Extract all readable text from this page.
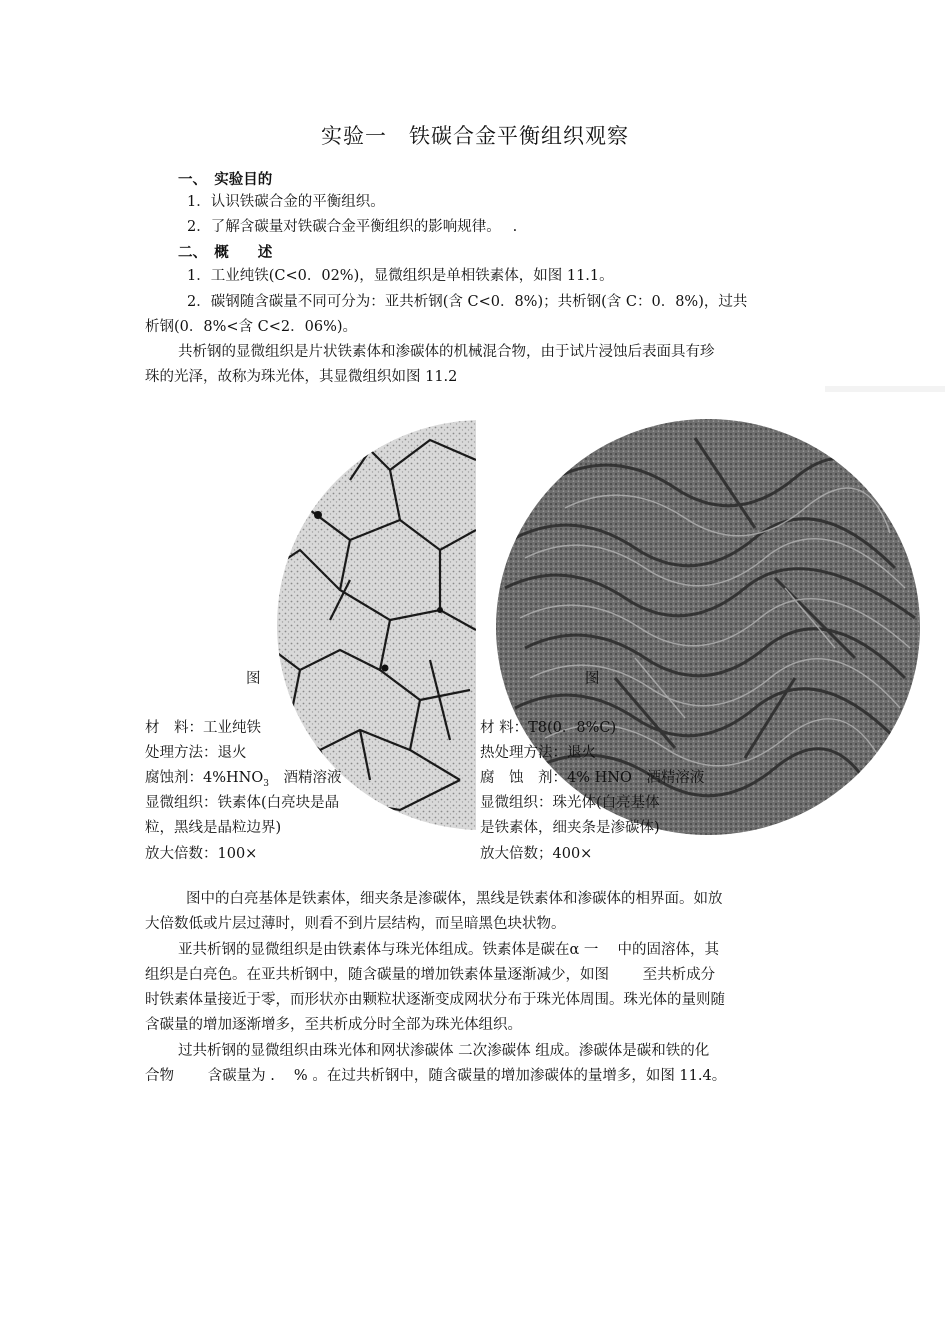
实验一　铁碳合金平衡组织观察
一、　实验目的
1．认识铁碳合金的平衡组织。
2．了解含碳量对铁碳合金平衡组织的影响规律。　 .
二、　概　　述
1．工业纯铁(C<0．02%)，显微组织是单相铁素体，如图 11.1。
2．碳钢随含碳量不同可分为：亚共析钢(含 C<0．8%)；共析钢(含 C：0．8%)，过共
析钢(0．8%<含 C<2．06%)。
共析钢的显微组织是片状铁素体和渗碳体的机械混合物，由于试片浸蚀后表面具有珍
珠的光泽，故称为珠光体，其显微组织如图 11.2
图	图
材　料：工业纯铁
处理方法：退火
腐蚀剂：$4\%HNO_3$　酒精溶液
显微组织：铁素体(白亮块是晶
粒，黑线是晶粒边界)
放大倍数：100×
材 料：T8(0．8%C)
热处理方法：退火
腐　蚀　剂：4% HNO　酒精溶液
显微组织：珠光体(白亮基体
是铁素体，细夹条是渗碳体)
放大倍数；400×
图中的白亮基体是铁素体，细夹条是渗碳体，黑线是铁素体和渗碳体的相界面。如放
大倍数低或片层过薄时，则看不到片层结构，而呈暗黑色块状物。
亚共析钢的显微组织是由铁素体与珠光体组成。铁素体是碳在α 一　 中的固溶体，其
组织是白亮色。在亚共析钢中，随含碳量的增加铁素体量逐渐减少，如图　　 至共析成分
时铁素体量接近于零，而形状亦由颗粒状逐渐变成网状分布于珠光体周围。珠光体的量则随
含碳量的增加逐渐增多，至共析成分时全部为珠光体组织。
过共析钢的显微组织由珠光体和网状渗碳体 二次渗碳体 组成。渗碳体是碳和铁的化
合物　　 含碳量为 .　 % 。在过共析钢中，随含碳量的增加渗碳体的量增多，如图 11.4。
